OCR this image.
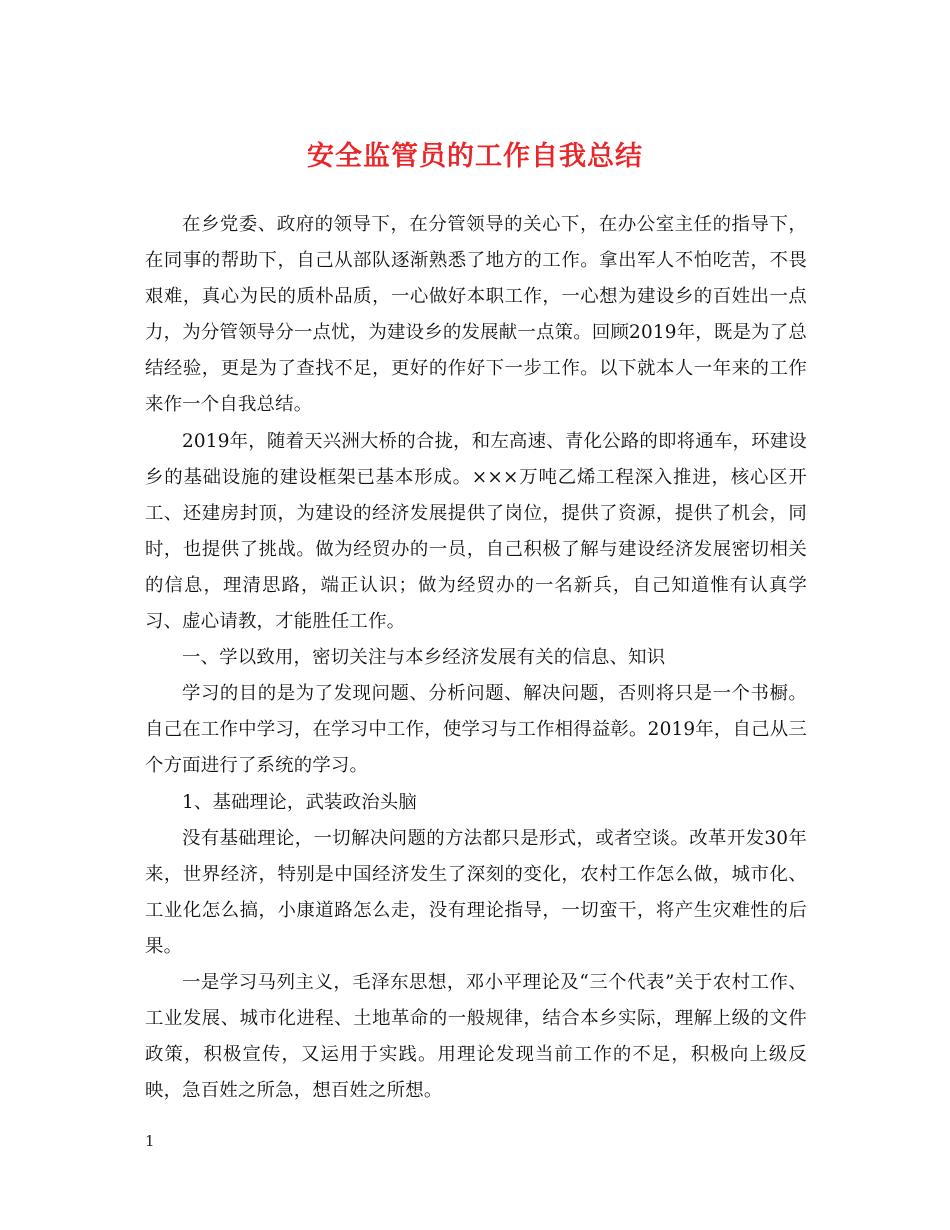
安全监管员的工作自我总结

在乡党委、政府的领导下，在分管领导的关心下，在办公室主任的指导下，在同事的帮助下，自己从部队逐渐熟悉了地方的工作。拿出军人不怕吃苦，不畏艰难，真心为民的质朴品质，一心做好本职工作，一心想为建设乡的百姓出一点力，为分管领导分一点忧，为建设乡的发展献一点策。回顾2019年，既是为了总结经验，更是为了查找不足，更好的作好下一步工作。以下就本人一年来的工作来作一个自我总结。

2019年，随着天兴洲大桥的合拢，和左高速、青化公路的即将通车，环建设乡的基础设施的建设框架已基本形成。×××万吨乙烯工程深入推进，核心区开工、还建房封顶，为建设的经济发展提供了岗位，提供了资源，提供了机会，同时，也提供了挑战。做为经贸办的一员，自己积极了解与建设经济发展密切相关的信息，理清思路，端正认识；做为经贸办的一名新兵，自己知道惟有认真学习、虚心请教，才能胜任工作。

一、学以致用，密切关注与本乡经济发展有关的信息、知识

学习的目的是为了发现问题、分析问题、解决问题，否则将只是一个书橱。自己在工作中学习，在学习中工作，使学习与工作相得益彰。2019年，自己从三个方面进行了系统的学习。

1、基础理论，武装政治头脑

没有基础理论，一切解决问题的方法都只是形式，或者空谈。改革开发30年来，世界经济，特别是中国经济发生了深刻的变化，农村工作怎么做，城市化、工业化怎么搞，小康道路怎么走，没有理论指导，一切蛮干，将产生灾难性的后果。

一是学习马列主义，毛泽东思想，邓小平理论及“三个代表”关于农村工作、工业发展、城市化进程、土地革命的一般规律，结合本乡实际，理解上级的文件政策，积极宣传，又运用于实践。用理论发现当前工作的不足，积极向上级反映，急百姓之所急，想百姓之所想。

1
